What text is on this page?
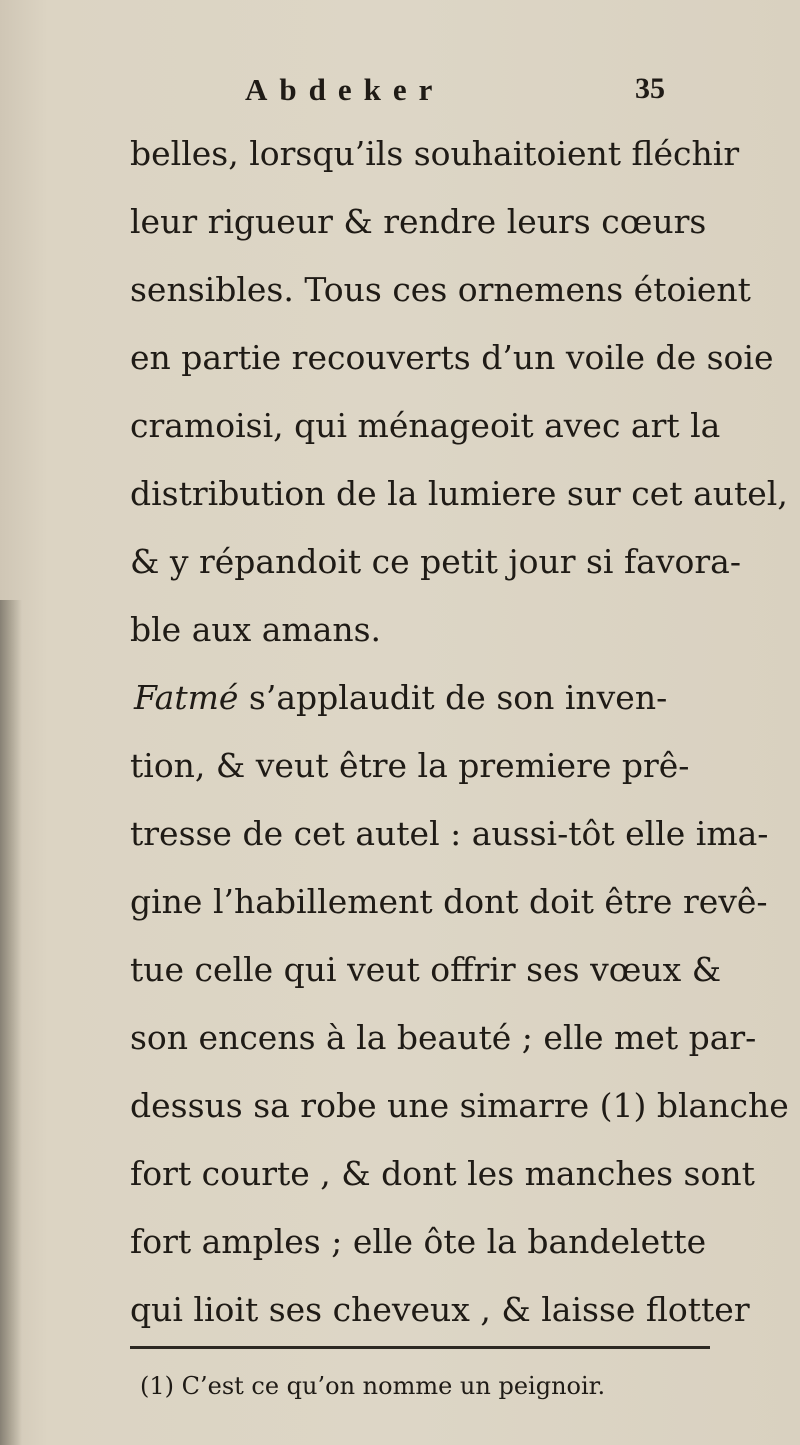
Abdeker	35
belles, lorsqu’ils souhaitoient fléchir
leur rigueur & rendre leurs cœurs
sensibles. Tous ces ornemens étoient
en partie recouverts d’un voile de soie
cramoisi, qui ménageoit avec art la
distribution de la lumiere sur cet autel,
& y répandoit ce petit jour si favora-
ble aux amans.
Fatmé s’applaudit de son inven-
tion, & veut être la premiere prê-
tresse de cet autel : aussi-tôt elle ima-
gine l’habillement dont doit être revê-
tue celle qui veut offrir ses vœux &
son encens à la beauté ; elle met par-
dessus sa robe une simarre (1) blanche
fort courte , & dont les manches sont
fort amples ; elle ôte la bandelette
qui lioit ses cheveux , & laisse flotter
(1) C’est ce qu’on nomme un peignoir.
